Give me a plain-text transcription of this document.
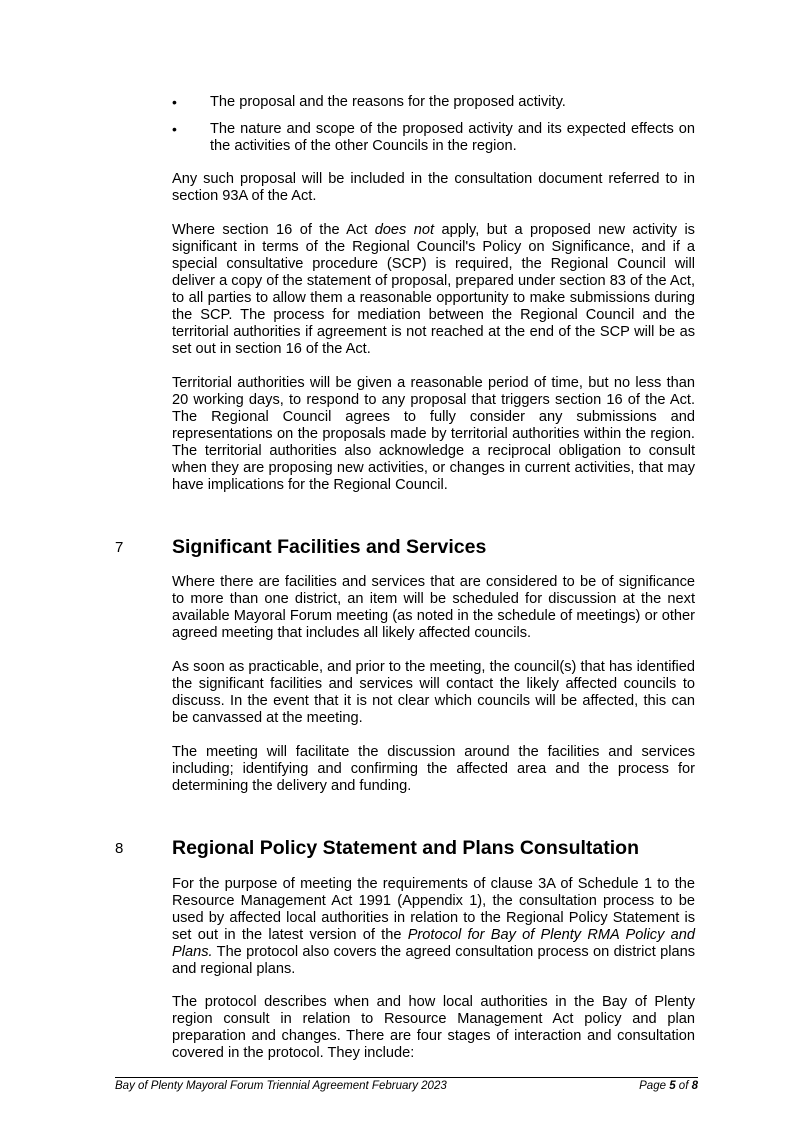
• The proposal and the reasons for the proposed activity.
• The nature and scope of the proposed activity and its expected effects on the activities of the other Councils in the region.

Any such proposal will be included in the consultation document referred to in section 93A of the Act.

Where section 16 of the Act does not apply, but a proposed new activity is significant in terms of the Regional Council's Policy on Significance, and if a special consultative procedure (SCP) is required, the Regional Council will deliver a copy of the statement of proposal, prepared under section 83 of the Act, to all parties to allow them a reasonable opportunity to make submissions during the SCP. The process for mediation between the Regional Council and the territorial authorities if agreement is not reached at the end of the SCP will be as set out in section 16 of the Act.

Territorial authorities will be given a reasonable period of time, but no less than 20 working days, to respond to any proposal that triggers section 16 of the Act. The Regional Council agrees to fully consider any submissions and representations on the proposals made by territorial authorities within the region. The territorial authorities also acknowledge a reciprocal obligation to consult when they are proposing new activities, or changes in current activities, that may have implications for the Regional Council.

7 Significant Facilities and Services

Where there are facilities and services that are considered to be of significance to more than one district, an item will be scheduled for discussion at the next available Mayoral Forum meeting (as noted in the schedule of meetings) or other agreed meeting that includes all likely affected councils.

As soon as practicable, and prior to the meeting, the council(s) that has identified the significant facilities and services will contact the likely affected councils to discuss. In the event that it is not clear which councils will be affected, this can be canvassed at the meeting.

The meeting will facilitate the discussion around the facilities and services including; identifying and confirming the affected area and the process for determining the delivery and funding.

8 Regional Policy Statement and Plans Consultation

For the purpose of meeting the requirements of clause 3A of Schedule 1 to the Resource Management Act 1991 (Appendix 1), the consultation process to be used by affected local authorities in relation to the Regional Policy Statement is set out in the latest version of the Protocol for Bay of Plenty RMA Policy and Plans. The protocol also covers the agreed consultation process on district plans and regional plans.

The protocol describes when and how local authorities in the Bay of Plenty region consult in relation to Resource Management Act policy and plan preparation and changes. There are four stages of interaction and consultation covered in the protocol. They include:

Bay of Plenty Mayoral Forum Triennial Agreement February 2023	Page 5 of 8
